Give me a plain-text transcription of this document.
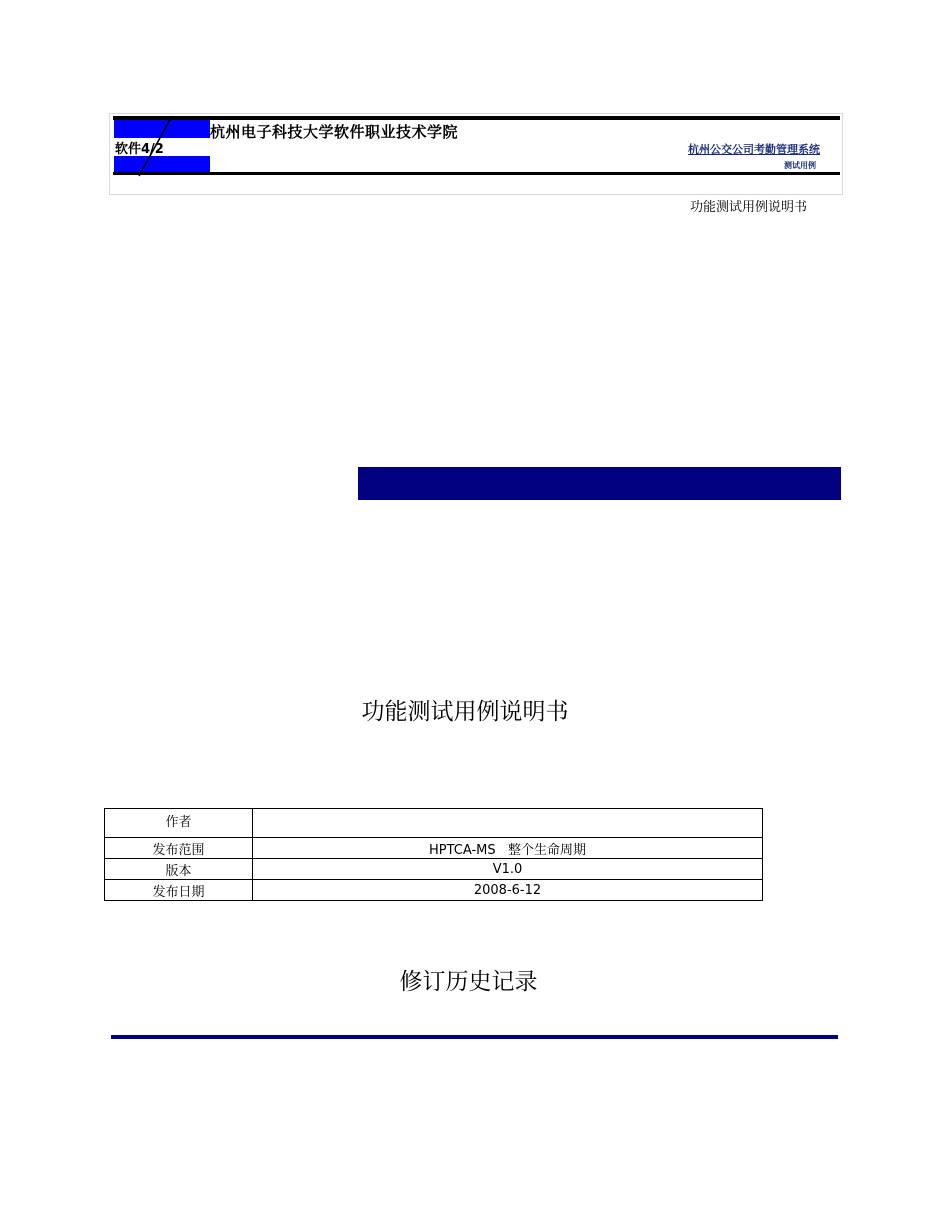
杭州电子科技大学软件职业技术学院
软件4/2	杭州公交公司考勤管理系统
测试用例
功能测试用例说明书
功能测试用例说明书
作者	
发布范围	HPTCA-MS   整个生命周期
版本	V1.0
发布日期	2008-6-12
修订历史记录
